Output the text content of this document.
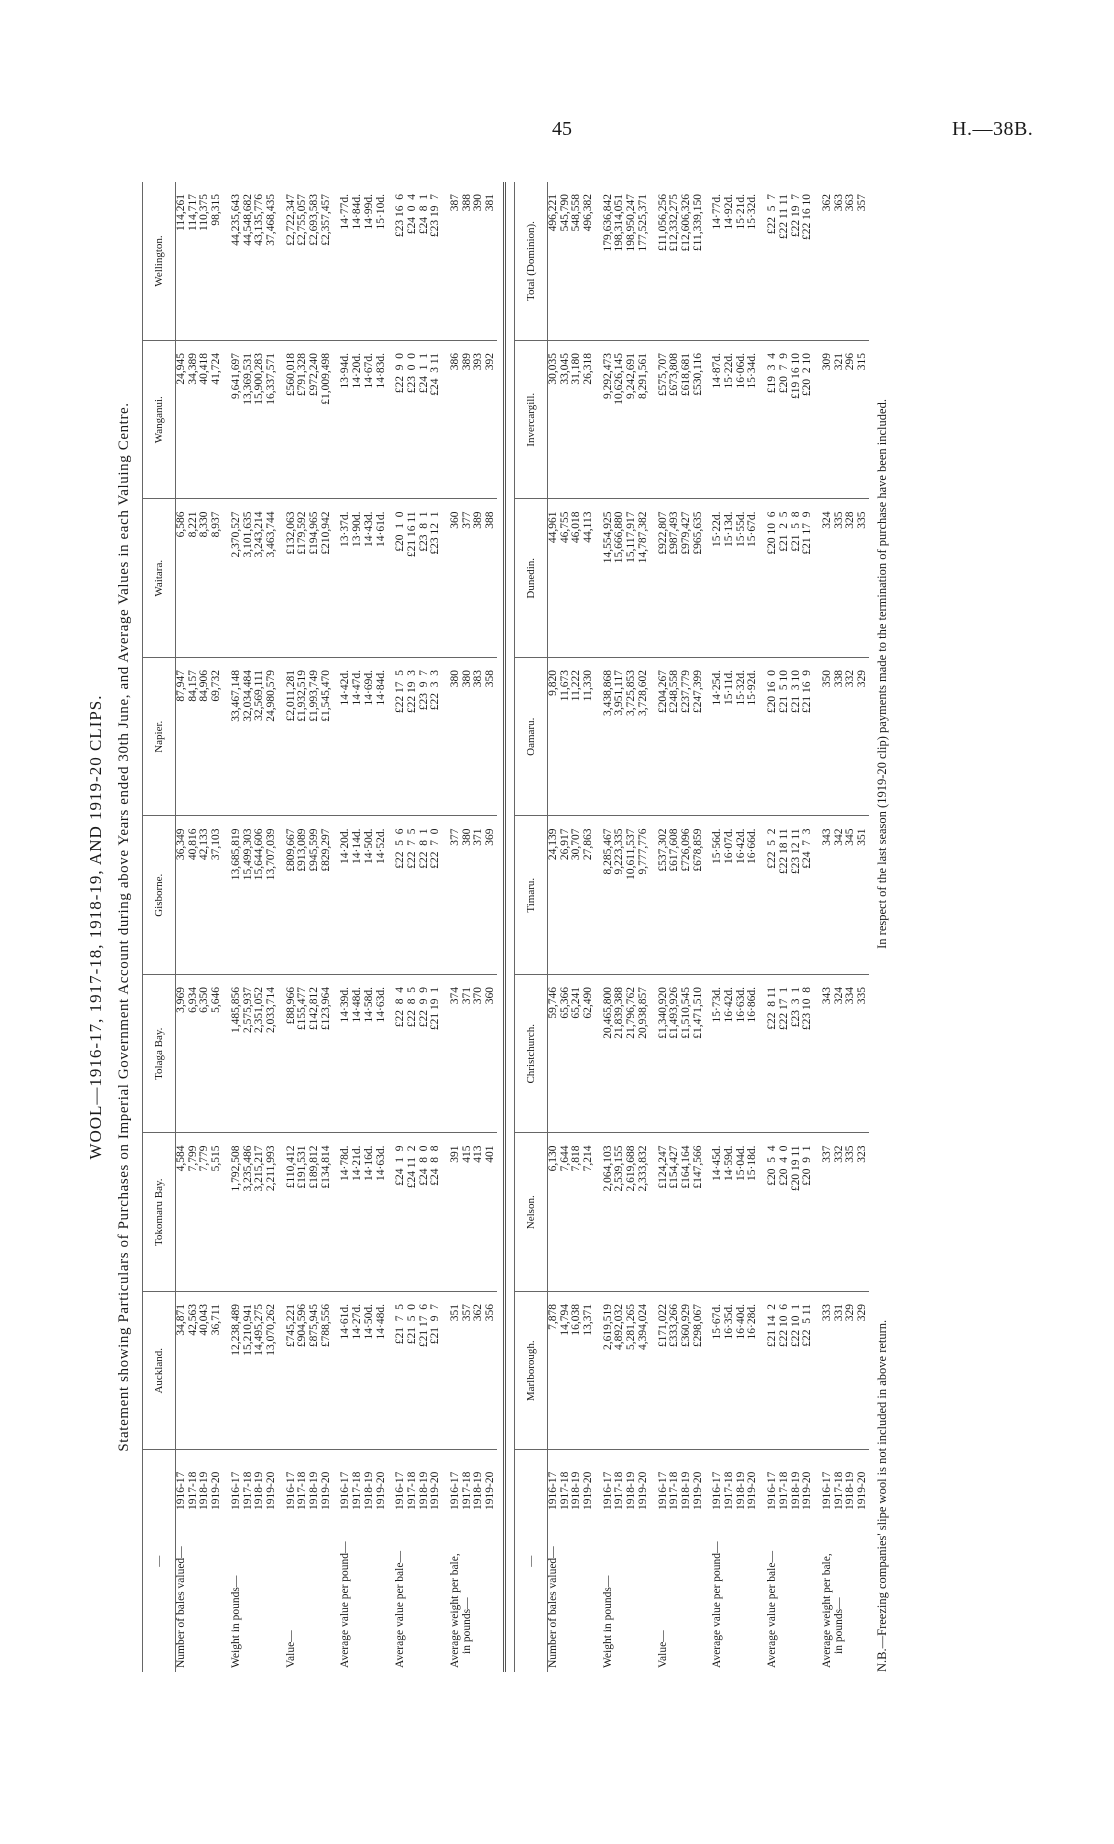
45	H.—38B.
WOOL—1916-17, 1917-18, 1918-19, AND 1919-20 CLIPS. Statement showing Particulars of Purchases on Imperial Government Account during above Years ended 30th June, and Average Values in each Valuing Centre.
—		Auckland.	Tokomaru Bay.	Tolaga Bay.	Gisborne.	Napier.	Waitara.	Wanganui.	Wellington.
Number of bales valued—	1916-17	34,871	4,584	3,969	36,349	87,947	6,586	24,945	114,261
	1917-18	42,563	7,799	6,934	40,816	84,157	8,221	34,389	114,717
	1918-19	40,043	7,779	6,350	42,133	84,906	8,330	40,418	110,375
	1919-20	36,711	5,515	5,646	37,103	69,732	8,937	41,724	98,315

Weight in pounds—	1916-17	12,238,489	1,792,508	1,485,856	13,685,819	33,467,148	2,370,527	9,641,697	44,235,643
	1917-18	15,210,941	3,235,486	2,575,937	15,499,303	32,034,484	3,101,635	13,369,531	44,548,682
	1918-19	14,495,275	3,215,217	2,351,052	15,644,606	32,569,111	3,243,214	15,900,283	43,135,776
	1919-20	13,070,262	2,211,993	2,033,714	13,707,039	24,980,579	3,463,744	16,337,571	37,468,435

Value—	1916-17	£745,221	£110,412	£88,966	£809,667	£2,011,281	£132,063	£560,018	£2,722,347
	1917-18	£904,596	£191,531	£155,477	£913,089	£1,932,519	£179,592	£791,328	£2,755,057
	1918-19	£875,945	£189,812	£142,812	£945,599	£1,993,749	£194,965	£972,240	£2,693,583
	1919-20	£788,556	£134,814	£123,964	£829,297	£1,545,470	£210,942	£1,009,498	£2,357,457

Average value per pound—	1916-17	14·61d.	14·78d.	14·39d.	14·20d.	14·42d.	13·37d.	13·94d.	14·77d.
	1917-18	14·27d.	14·21d.	14·48d.	14·14d.	14·47d.	13·90d.	14·20d.	14·84d.
	1918-19	14·50d.	14·16d.	14·58d.	14·50d.	14·69d.	14·43d.	14·67d.	14·99d.
	1919-20	14·48d.	14·63d.	14·63d.	14·52d.	14·84d.	14·61d.	14·83d.	15·10d.

Average value per bale—	1916-17	£21  7  5	£24  1  9	£22  8  4	£22  5  6	£22 17  5	£20  1  0	£22  9  0	£23 16  6
	1917-18	£21  5  0	£24 11  2	£22  8  5	£22  7  5	£22 19  3	£21 16 11	£23  0  0	£24  0  4
	1918-19	£21 17  6	£24  8  0	£22  9  9	£22  8  1	£23  9  7	£23  8  1	£24  1  1	£24  8  1
	1919-20	£21  9  7	£24  8  8	£21 19  1	£22  7  0	£22  3  3	£23 12  1	£24  3 11	£23 19  7

Average weight per bale,	1916-17	351	391	374	377	380	360	386	387
in pounds—	1917-18	357	415	371	380	380	377	389	388
	1918-19	362	413	370	371	383	389	393	390
	1919-20	356	401	360	369	358	388	392	381
—		Marlborough.	Nelson.	Christchurch.	Timaru.	Oamaru.	Dunedin.	Invercargill.	Total (Dominion).
Number of bales valued—	1916-17	7,878	6,130	59,746	24,139	9,820	44,961	30,035	496,221
	1917-18	14,794	7,644	65,366	26,917	11,673	46,755	33,045	545,790
	1918-19	16,038	7,818	65,241	30,707	11,222	46,018	31,180	548,558
	1919-20	13,371	7,214	62,490	27,863	11,330	44,113	26,318	496,382

Weight in pounds—	1916-17	2,619,519	2,064,103	20,465,800	8,285,467	3,438,868	14,554,925	9,292,473	179,636,842
	1917-18	4,892,032	2,539,155	21,839,388	9,223,335	3,951,117	15,666,880	10,626,145	198,314,051
	1918-19	5,281,265	2,619,688	21,796,762	10,611,537	3,725,853	15,117,917	9,242,691	198,950,247
	1919-20	4,394,024	2,333,832	20,938,857	9,777,776	3,728,602	14,787,382	8,291,561	177,525,371

Value—	1916-17	£171,022	£124,247	£1,340,920	£537,302	£204,267	£922,807	£575,707	£11,056,256
	1917-18	£333,266	£154,427	£1,493,926	£617,608	£248,558	£987,493	£673,808	£12,332,275
	1918-19	£360,929	£164,164	£1,510,545	£726,096	£237,779	£979,427	£618,681	£12,606,326
	1919-20	£298,067	£147,566	£1,471,510	£678,859	£247,399	£965,635	£530,116	£11,339,150

Average value per pound—	1916-17	15·67d.	14·45d.	15·73d.	15·56d.	14·25d.	15·22d.	14·87d.	14·77d.
	1917-18	16·35d.	14·59d.	16·42d.	16·07d.	15·11d.	15·13d.	15·22d.	14·92d.
	1918-19	16·40d.	15·04d.	16·63d.	16·42d.	15·32d.	15·55d.	16·06d.	15·21d.
	1919-20	16·28d.	15·18d.	16·86d.	16·66d.	15·92d.	15·67d.	15·34d.	15·32d.

Average value per bale—	1916-17	£21 14  2	£20  5  4	£22  8 11	£22  5  2	£20 16  0	£20 10  6	£19  3  4	£22  5  7
	1917-18	£22 10  6	£20  4  0	£22 17  1	£22 18 11	£21  5 10	£21  2  5	£20  7  9	£22 11 11
	1918-19	£22 10  1	£20 19 11	£23  3  1	£23 12 11	£21  3 10	£21  5  8	£19 16 10	£22 19  7
	1919-20	£22  5 11	£20  9  1	£23 10  8	£24  7  3	£21 16  9	£21 17  9	£20  2 10	£22 16 10

Average weight per bale,	1916-17	333	337	343	343	350	324	309	362
in pounds—	1917-18	331	332	324	342	338	335	321	363
	1918-19	329	335	334	345	332	328	296	363
	1919-20	329	323	335	351	329	335	315	357
N.B.—Freezing companies' slipe wool is not included in above return. In respect of the last season (1919-20 clip) payments made to the termination of purchase have been included.
